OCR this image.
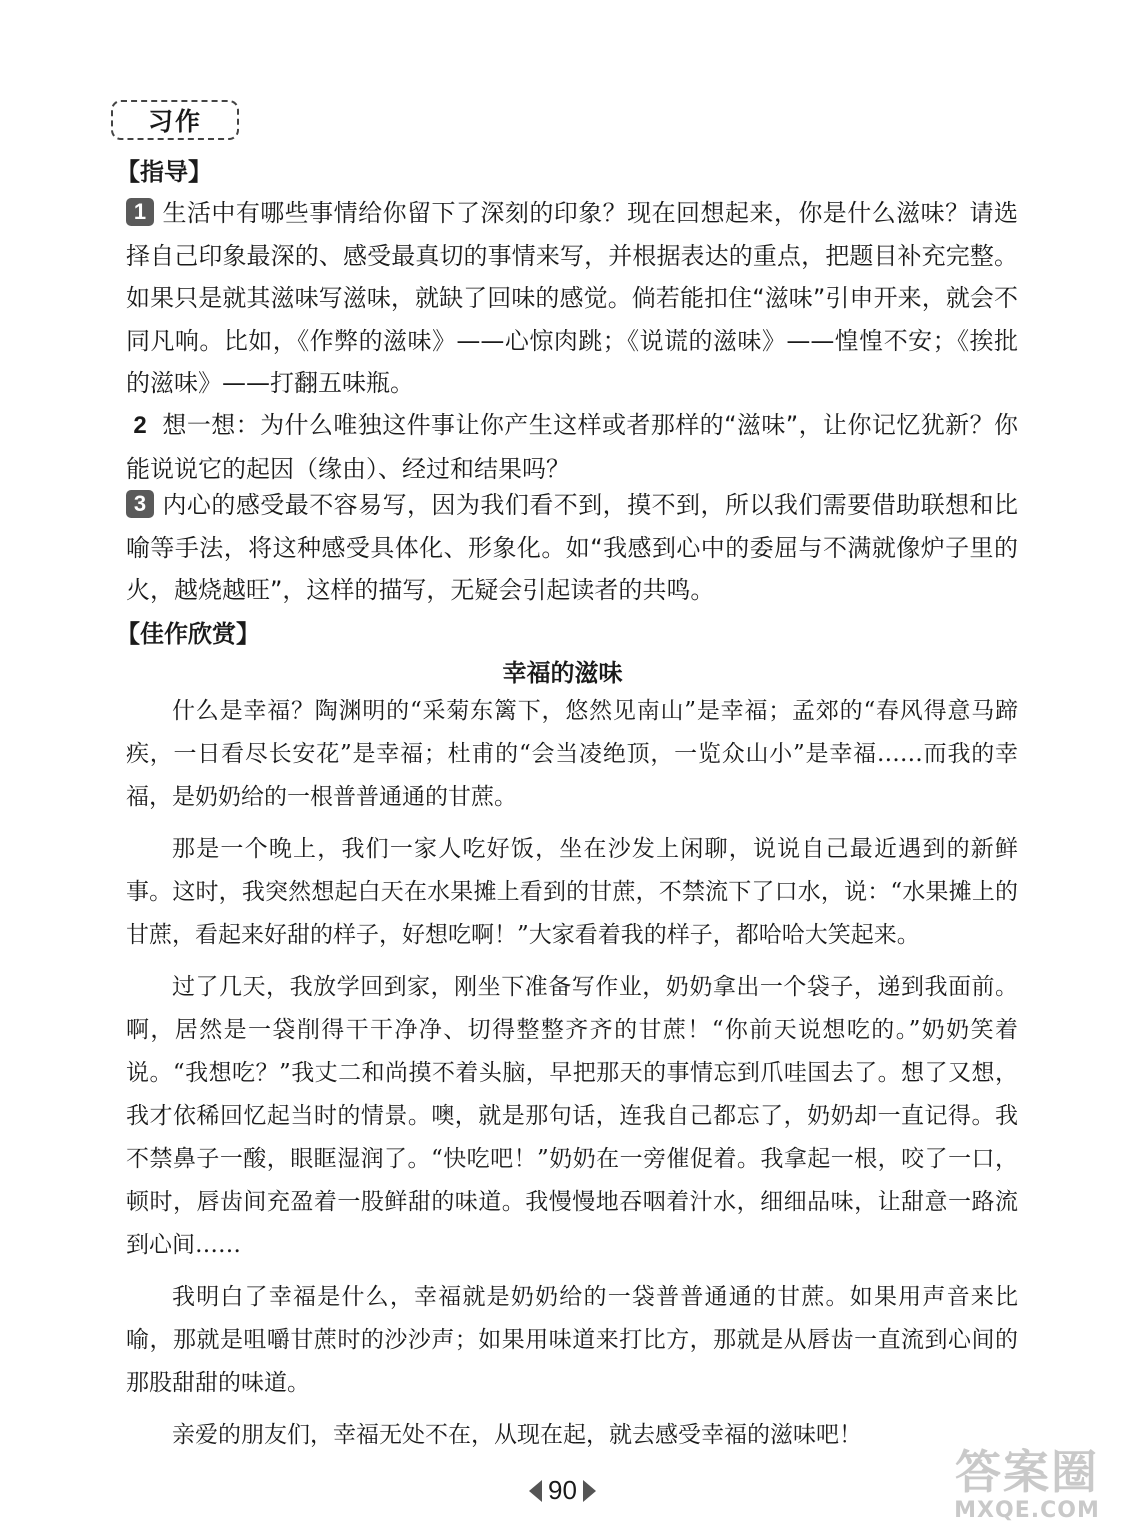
习作
【指导】
1 生活中有哪些事情给你留下了深刻的印象？现在回想起来，你是什么滋味？请选择自己印象最深的、感受最真切的事情来写，并根据表达的重点，把题目补充完整。如果只是就其滋味写滋味，就缺了回味的感觉。倘若能扣住“滋味”引申开来，就会不同凡响。比如，《作弊的滋味》——心惊肉跳；《说谎的滋味》——惶惶不安；《挨批的滋味》——打翻五味瓶。
2 想一想：为什么唯独这件事让你产生这样或者那样的“滋味”，让你记忆犹新？你能说说它的起因（缘由）、经过和结果吗？
3 内心的感受最不容易写，因为我们看不到，摸不到，所以我们需要借助联想和比喻等手法，将这种感受具体化、形象化。如“我感到心中的委屈与不满就像炉子里的火，越烧越旺”，这样的描写，无疑会引起读者的共鸣。
【佳作欣赏】
幸福的滋味

什么是幸福？陶渊明的“采菊东篱下，悠然见南山”是幸福；孟郊的“春风得意马蹄疾，一日看尽长安花”是幸福；杜甫的“会当凌绝顶，一览众山小”是幸福……而我的幸福，是奶奶给的一根普普通通的甘蔗。

那是一个晚上，我们一家人吃好饭，坐在沙发上闲聊，说说自己最近遇到的新鲜事。这时，我突然想起白天在水果摊上看到的甘蔗，不禁流下了口水，说：“水果摊上的甘蔗，看起来好甜的样子，好想吃啊！”大家看着我的样子，都哈哈大笑起来。

过了几天，我放学回到家，刚坐下准备写作业，奶奶拿出一个袋子，递到我面前。啊，居然是一袋削得干干净净、切得整整齐齐的甘蔗！“你前天说想吃的。”奶奶笑着说。“我想吃？”我丈二和尚摸不着头脑，早把那天的事情忘到爪哇国去了。想了又想，我才依稀回忆起当时的情景。噢，就是那句话，连我自己都忘了，奶奶却一直记得。我不禁鼻子一酸，眼眶湿润了。“快吃吧！”奶奶在一旁催促着。我拿起一根，咬了一口，顿时，唇齿间充盈着一股鲜甜的味道。我慢慢地吞咽着汁水，细细品味，让甜意一路流到心间……

我明白了幸福是什么，幸福就是奶奶给的一袋普普通通的甘蔗。如果用声音来比喻，那就是咀嚼甘蔗时的沙沙声；如果用味道来打比方，那就是从唇齿一直流到心间的那股甜甜的味道。

亲爱的朋友们，幸福无处不在，从现在起，就去感受幸福的滋味吧！

90	答案圈
MXQE.COM
